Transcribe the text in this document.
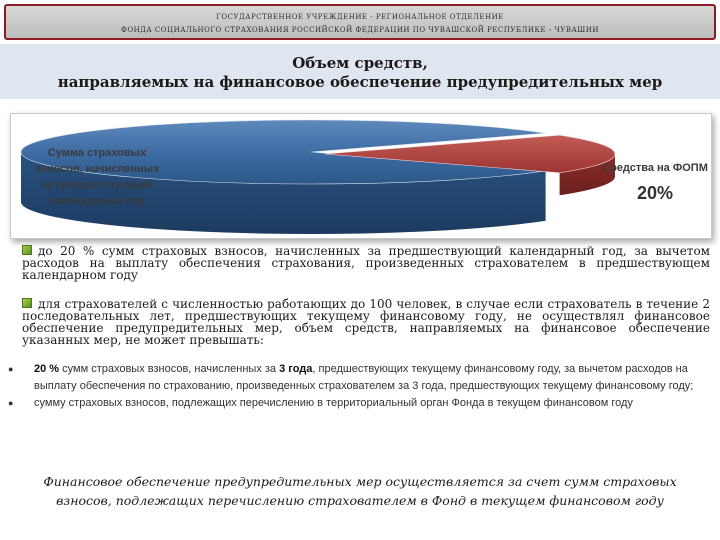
ГОСУДАРСТВЕННОЕ УЧРЕЖДЕНИЕ - РЕГИОНАЛЬНОЕ ОТДЕЛЕНИЕ
ФОНДА СОЦИАЛЬНОГО СТРАХОВАНИЯ РОССИЙСКОЙ ФЕДЕРАЦИИ ПО ЧУВАШСКОЙ РЕСПУБЛИКЕ - ЧУВАШИИ
Объем средств,
направляемых на финансовое обеспечение предупредительных мер
Сумма страховых
взносов, начисленных
за предшествующий
календарный год
Средства на ФОПМ
20%
до 20 % сумм страховых взносов, начисленных за предшествующий календарный год, за вычетом расходов на выплату обеспечения страхования, произведенных страхователем в предшествующем календарном году
для страхователей с численностью работающих до 100 человек, в случае если страхователь в течение 2 последовательных лет, предшествующих текущему финансовому году, не осуществлял финансовое обеспечение предупредительных мер, объем средств, направляемых на финансовое обеспечение указанных мер, не может превышать:
● 20 % сумм страховых взносов, начисленных за 3 года, предшествующих текущему финансовому году, за вычетом расходов на выплату обеспечения по страхованию, произведенных страхователем за 3 года, предшествующих текущему финансовому году;
● сумму страховых взносов, подлежащих перечислению в территориальный орган Фонда в текущем финансовом году
Финансовое обеспечение предупредительных мер осуществляется за счет сумм страховых взносов, подлежащих перечислению страхователем в Фонд в текущем финансовом году
